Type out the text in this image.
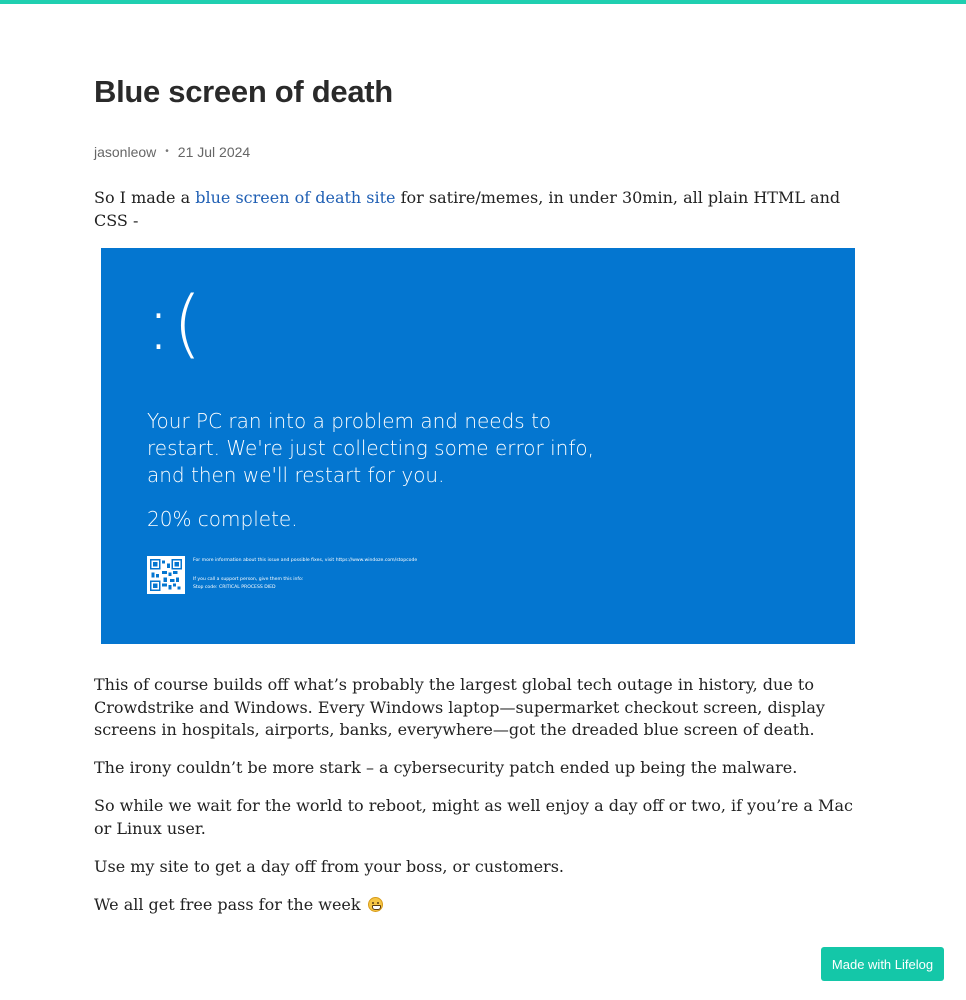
Blue screen of death
jasonleow • 21 Jul 2024

So I made a blue screen of death site for satire/memes, in under 30min, all plain HTML and CSS -

:(
Your PC ran into a problem and needs to restart. We're just collecting some error info, and then we'll restart for you.
20% complete.
For more information about this issue and possible fixes, visit https://www.windoze.com/stopcode
If you call a support person, give them this info:
Stop code: CRITICAL PROCESS DIED

This of course builds off what’s probably the largest global tech outage in history, due to Crowdstrike and Windows. Every Windows laptop—supermarket checkout screen, display screens in hospitals, airports, banks, everywhere—got the dreaded blue screen of death.

The irony couldn’t be more stark – a cybersecurity patch ended up being the malware.

So while we wait for the world to reboot, might as well enjoy a day off or two, if you’re a Mac or Linux user.

Use my site to get a day off from your boss, or customers.

We all get free pass for the week

Made with Lifelog
